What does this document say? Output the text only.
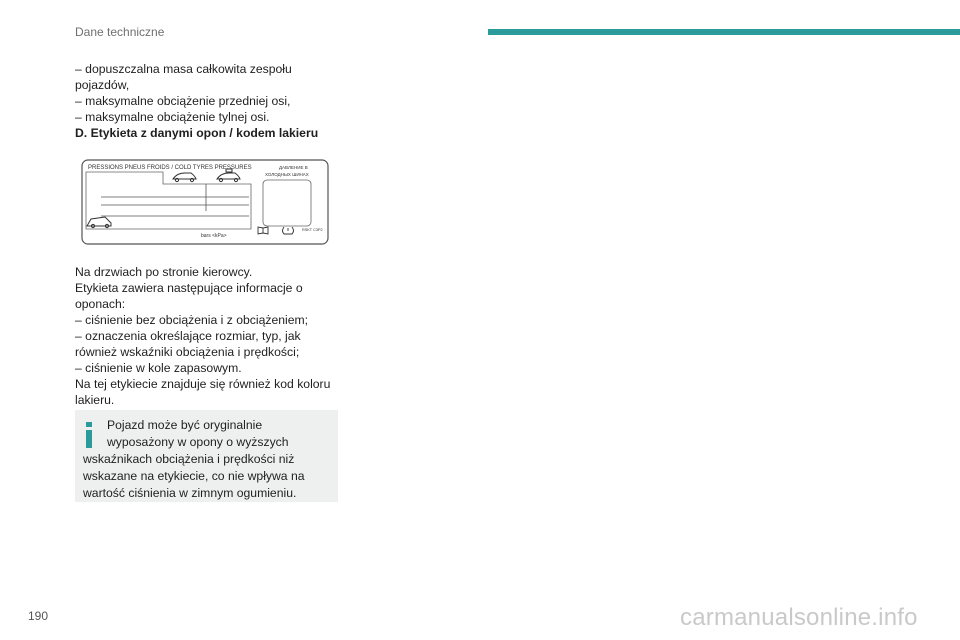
Dane techniczne

– dopuszczalna masa całkowita zespołu

pojazdów,

– maksymalne obciążenie przedniej osi,

– maksymalne obciążenie tylnej osi.

D. Etykieta z danymi opon / kodem lakieru

PRESSIONS PNEUS FROIDS / COLD TYRES PRESSURES	ДАВЛЕНИЕ В
ХОЛОДНЫХ ШИНАХ
bars <kPa>
RSKT C3P2

Na drzwiach po stronie kierowcy.

Etykieta zawiera następujące informacje o

oponach:

– ciśnienie bez obciążenia i z obciążeniem;

– oznaczenia określające rozmiar, typ, jak

również wskaźniki obciążenia i prędkości;

– ciśnienie w kole zapasowym.

Na tej etykiecie znajduje się również kod koloru

lakieru.

Pojazd może być oryginalnie

wyposażony w opony o wyższych

wskaźnikach obciążenia i prędkości niż

wskazane na etykiecie, co nie wpływa na

wartość ciśnienia w zimnym ogumieniu.

190	carmanualsonline.info
